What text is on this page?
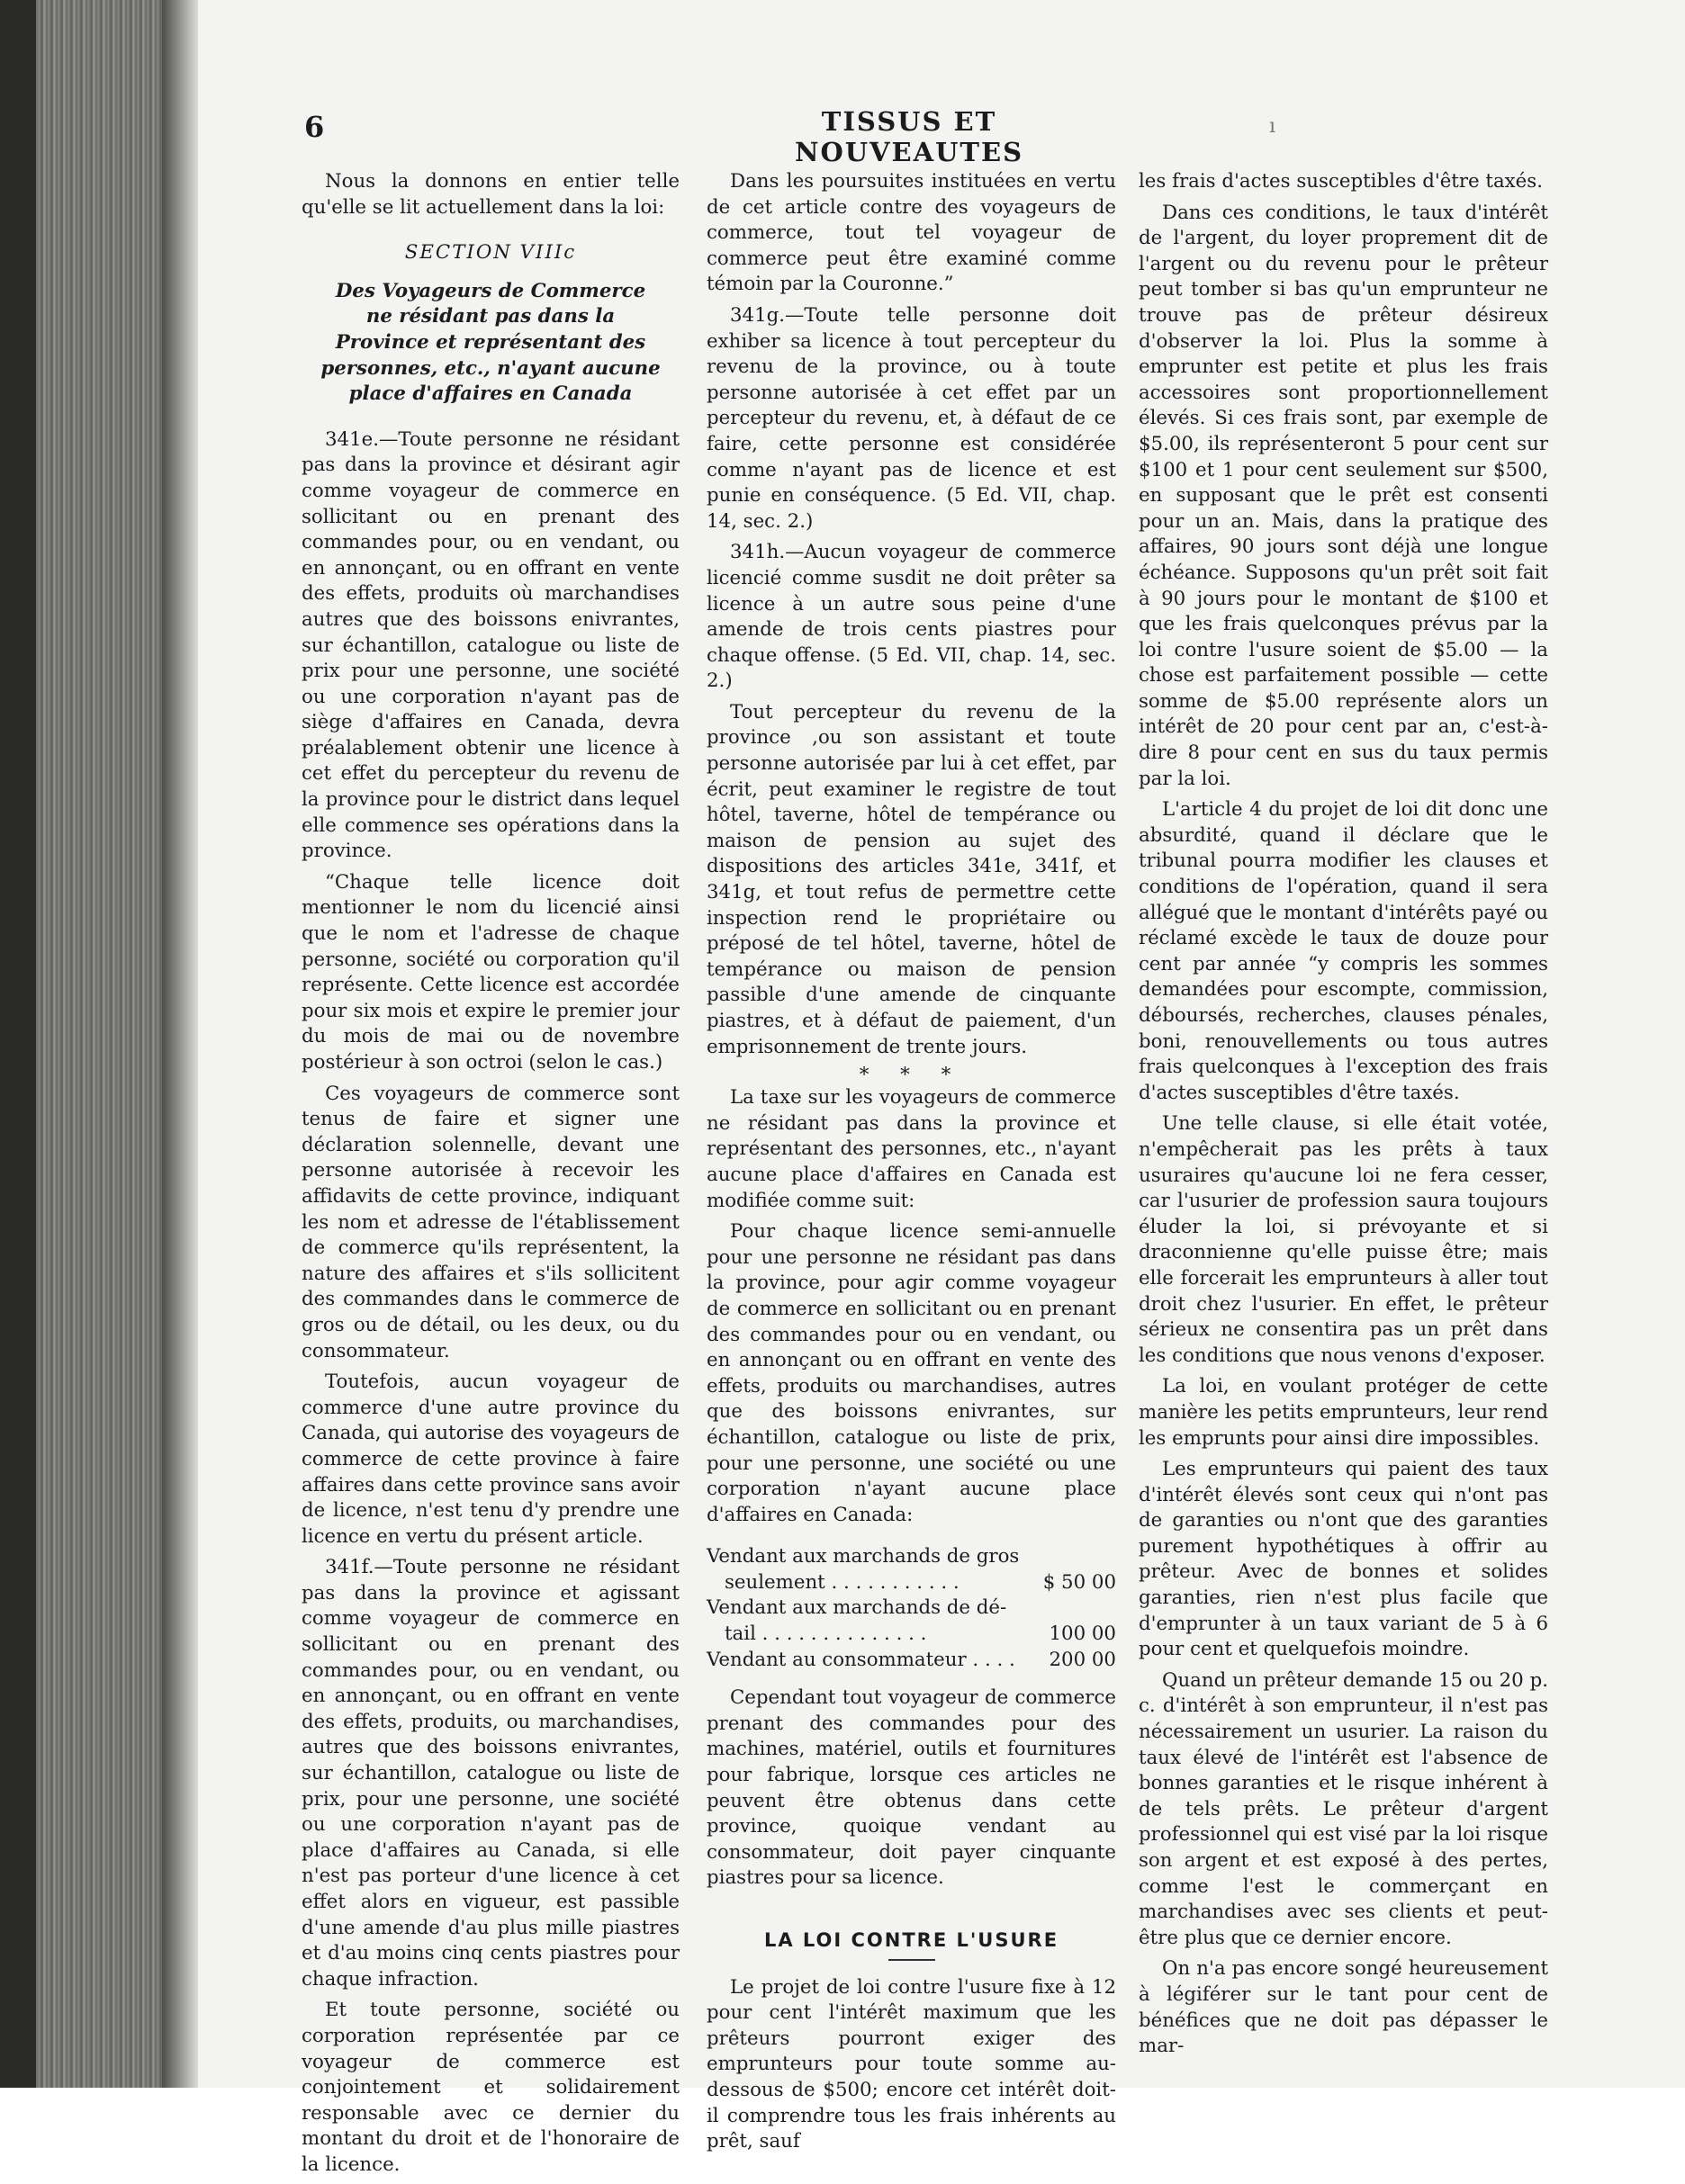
6	TISSUS ET NOUVEAUTES
ı

Nous la donnons en entier telle qu'elle se lit actuellement dans la loi:

SECTION VIIIc
Des Voyageurs de Commerce ne résidant pas dans la Province et représentant des personnes, etc., n'ayant aucune place d'affaires en Canada

341e.—Toute personne ne résidant pas dans la province et désirant agir comme voyageur de commerce en sollicitant ou en prenant des commandes pour, ou en vendant, ou en annonçant, ou en offrant en vente des effets, produits où marchandises autres que des boissons enivrantes, sur échantillon, catalogue ou liste de prix pour une personne, une société ou une corporation n'ayant pas de siège d'affaires en Canada, devra préalablement obtenir une licence à cet effet du percepteur du revenu de la province pour le district dans lequel elle commence ses opérations dans la province.

“Chaque telle licence doit mentionner le nom du licencié ainsi que le nom et l'adresse de chaque personne, société ou corporation qu'il représente. Cette licence est accordée pour six mois et expire le premier jour du mois de mai ou de novembre postérieur à son octroi (selon le cas.)

Ces voyageurs de commerce sont tenus de faire et signer une déclaration solennelle, devant une personne autorisée à recevoir les affidavits de cette province, indiquant les nom et adresse de l'établissement de commerce qu'ils représentent, la nature des affaires et s'ils sollicitent des commandes dans le commerce de gros ou de détail, ou les deux, ou du consommateur.

Toutefois, aucun voyageur de commerce d'une autre province du Canada, qui autorise des voyageurs de commerce de cette province à faire affaires dans cette province sans avoir de licence, n'est tenu d'y prendre une licence en vertu du présent article.

341f.—Toute personne ne résidant pas dans la province et agissant comme voyageur de commerce en sollicitant ou en prenant des commandes pour, ou en vendant, ou en annonçant, ou en offrant en vente des effets, produits, ou marchandises, autres que des boissons enivrantes, sur échantillon, catalogue ou liste de prix, pour une personne, une société ou une corporation n'ayant pas de place d'affaires au Canada, si elle n'est pas porteur d'une licence à cet effet alors en vigueur, est passible d'une amende d'au plus mille piastres et d'au moins cinq cents piastres pour chaque infraction.

Et toute personne, société ou corporation représentée par ce voyageur de commerce est conjointement et solidairement responsable avec ce dernier du montant du droit et de l'honoraire de la licence.

Dans les poursuites instituées en vertu de cet article contre des voyageurs de commerce, tout tel voyageur de commerce peut être examiné comme témoin par la Couronne.”

341g.—Toute telle personne doit exhiber sa licence à tout percepteur du revenu de la province, ou à toute personne autorisée à cet effet par un percepteur du revenu, et, à défaut de ce faire, cette personne est considérée comme n'ayant pas de licence et est punie en conséquence. (5 Ed. VII, chap. 14, sec. 2.)

341h.—Aucun voyageur de commerce licencié comme susdit ne doit prêter sa licence à un autre sous peine d'une amende de trois cents piastres pour chaque offense. (5 Ed. VII, chap. 14, sec. 2.)

Tout percepteur du revenu de la province ,ou son assistant et toute personne autorisée par lui à cet effet, par écrit, peut examiner le registre de tout hôtel, taverne, hôtel de tempérance ou maison de pension au sujet des dispositions des articles 341e, 341f, et 341g, et tout refus de permettre cette inspection rend le propriétaire ou préposé de tel hôtel, taverne, hôtel de tempérance ou maison de pension passible d'une amende de cinquante piastres, et à défaut de paiement, d'un emprisonnement de trente jours.

* * *

La taxe sur les voyageurs de commerce ne résidant pas dans la province et représentant des personnes, etc., n'ayant aucune place d'affaires en Canada est modifiée comme suit:

Pour chaque licence semi-annuelle pour une personne ne résidant pas dans la province, pour agir comme voyageur de commerce en sollicitant ou en prenant des commandes pour ou en vendant, ou en annonçant ou en offrant en vente des effets, produits ou marchandises, autres que des boissons enivrantes, sur échantillon, catalogue ou liste de prix, pour une personne, une société ou une corporation n'ayant aucune place d'affaires en Canada:

Vendant aux marchands de gros
seulement . . . . . . . . . . .	$ 50 00
Vendant aux marchands de dé-
tail . . . . . . . . . . . . . .	100 00
Vendant au consommateur . . . . 200 00

Cependant tout voyageur de commerce prenant des commandes pour des machines, matériel, outils et fournitures pour fabrique, lorsque ces articles ne peuvent être obtenus dans cette province, quoique vendant au consommateur, doit payer cinquante piastres pour sa licence.

LA LOI CONTRE L'USURE

Le projet de loi contre l'usure fixe à 12 pour cent l'intérêt maximum que les prêteurs pourront exiger des emprunteurs pour toute somme au-dessous de $500; encore cet intérêt doit-il comprendre tous les frais inhérents au prêt, sauf

les frais d'actes susceptibles d'être taxés.

Dans ces conditions, le taux d'intérêt de l'argent, du loyer proprement dit de l'argent ou du revenu pour le prêteur peut tomber si bas qu'un emprunteur ne trouve pas de prêteur désireux d'observer la loi. Plus la somme à emprunter est petite et plus les frais accessoires sont proportionnellement élevés. Si ces frais sont, par exemple de $5.00, ils représenteront 5 pour cent sur $100 et 1 pour cent seulement sur $500, en supposant que le prêt est consenti pour un an. Mais, dans la pratique des affaires, 90 jours sont déjà une longue échéance. Supposons qu'un prêt soit fait à 90 jours pour le montant de $100 et que les frais quelconques prévus par la loi contre l'usure soient de $5.00 — la chose est parfaitement possible — cette somme de $5.00 représente alors un intérêt de 20 pour cent par an, c'est-à-dire 8 pour cent en sus du taux permis par la loi.

L'article 4 du projet de loi dit donc une absurdité, quand il déclare que le tribunal pourra modifier les clauses et conditions de l'opération, quand il sera allégué que le montant d'intérêts payé ou réclamé excède le taux de douze pour cent par année “y compris les sommes demandées pour escompte, commission, déboursés, recherches, clauses pénales, boni, renouvellements ou tous autres frais quelconques à l'exception des frais d'actes susceptibles d'être taxés.

Une telle clause, si elle était votée, n'empêcherait pas les prêts à taux usuraires qu'aucune loi ne fera cesser, car l'usurier de profession saura toujours éluder la loi, si prévoyante et si draconnienne qu'elle puisse être; mais elle forcerait les emprunteurs à aller tout droit chez l'usurier. En effet, le prêteur sérieux ne consentira pas un prêt dans les conditions que nous venons d'exposer.

La loi, en voulant protéger de cette manière les petits emprunteurs, leur rend les emprunts pour ainsi dire impossibles.

Les emprunteurs qui paient des taux d'intérêt élevés sont ceux qui n'ont pas de garanties ou n'ont que des garanties purement hypothétiques à offrir au prêteur. Avec de bonnes et solides garanties, rien n'est plus facile que d'emprunter à un taux variant de 5 à 6 pour cent et quelquefois moindre.

Quand un prêteur demande 15 ou 20 p. c. d'intérêt à son emprunteur, il n'est pas nécessairement un usurier. La raison du taux élevé de l'intérêt est l'absence de bonnes garanties et le risque inhérent à de tels prêts. Le prêteur d'argent professionnel qui est visé par la loi risque son argent et est exposé à des pertes, comme l'est le commerçant en marchandises avec ses clients et peut-être plus que ce dernier encore.

On n'a pas encore songé heureusement à légiférer sur le tant pour cent de bénéfices que ne doit pas dépasser le mar-
